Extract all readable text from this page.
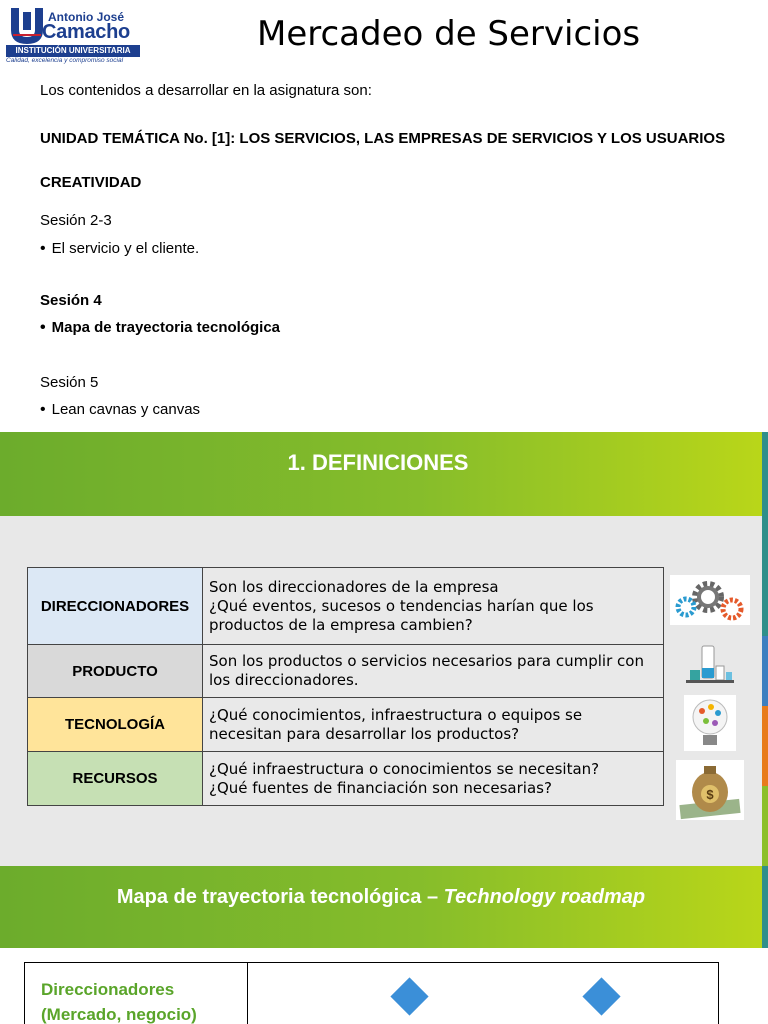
Antonio José
Camacho
INSTITUCIÓN UNIVERSITARIA
Calidad, excelencia y compromiso social
Mercadeo de Servicios
Los contenidos a desarrollar en la asignatura son:
UNIDAD TEMÁTICA No. [1]: LOS SERVICIOS, LAS EMPRESAS DE SERVICIOS Y LOS USUARIOS
CREATIVIDAD
Sesión 2-3
• El servicio y el cliente.
Sesión 4
• Mapa de trayectoria tecnológica
Sesión 5
• Lean cavnas y canvas
1. DEFINICIONES
DIRECCIONADORES	Son los direccionadores de la empresa
¿Qué eventos, sucesos o tendencias harían que los
productos de la empresa cambien?

PRODUCTO	Son los productos o servicios necesarios para cumplir con
los direccionadores.

TECNOLOGÍA	¿Qué conocimientos, infraestructura o equipos se
necesitan para desarrollar los productos?

RECURSOS	¿Qué infraestructura o conocimientos se necesitan?
¿Qué fuentes de financiación son necesarias?	$
Mapa de trayectoria tecnológica – Technology roadmap
Direccionadores
(Mercado, negocio)
